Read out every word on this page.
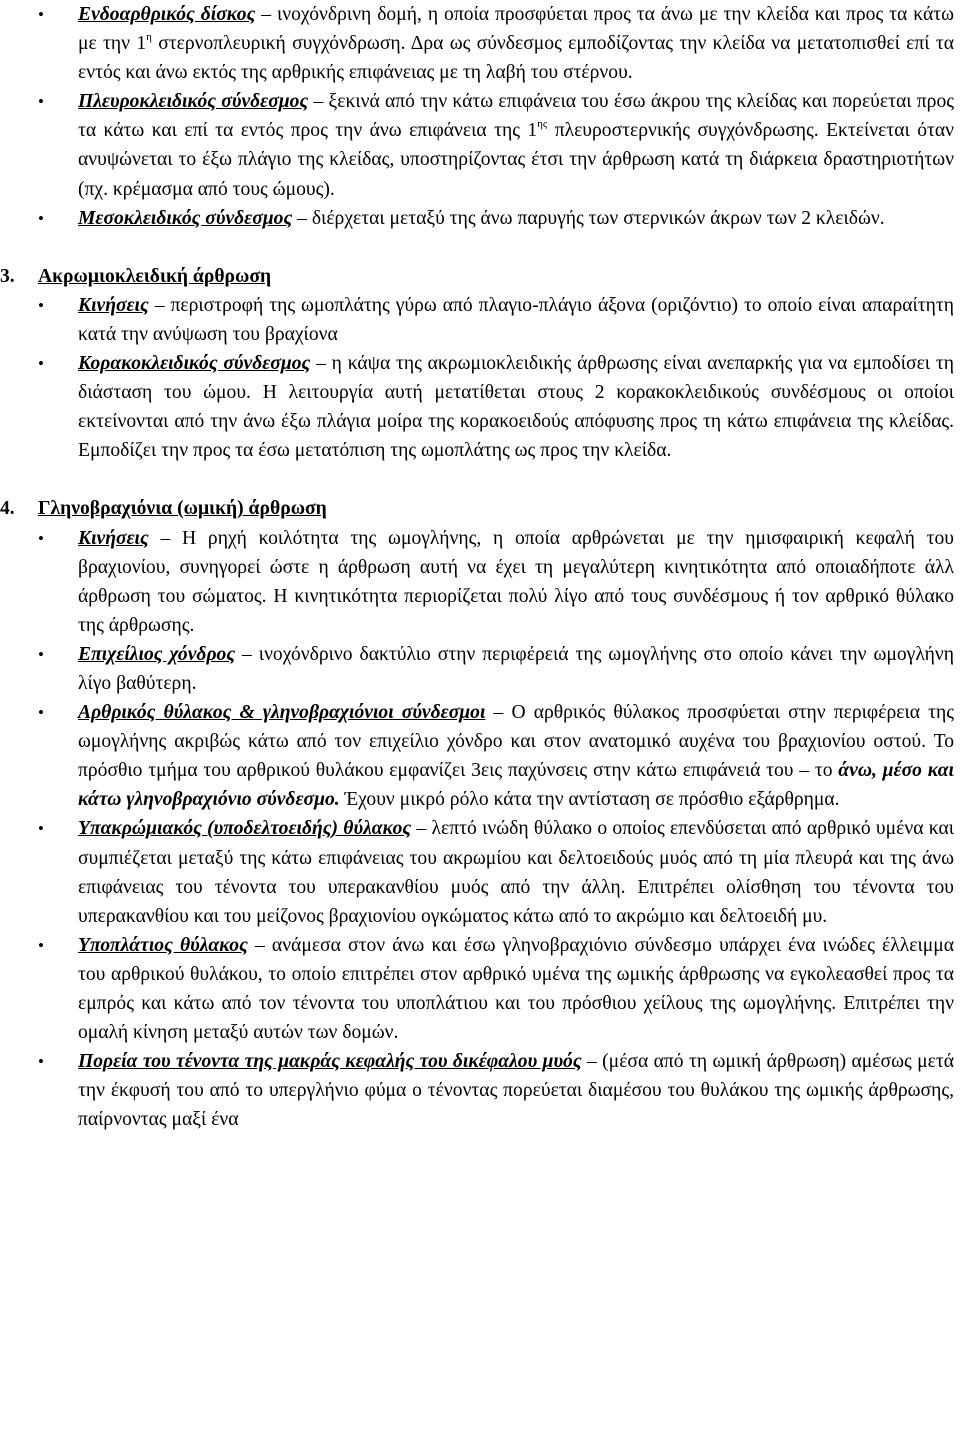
• Ενδοαρθρικός δίσκος – ινοχόνδρινη δομή, η οποία προσφύεται προς τα άνω με την κλείδα και προς τα κάτω με την $1^\eta$ στερνοπλευρική συγχόνδρωση. Δρα ως σύνδεσμος εμποδίζοντας την κλείδα να μετατοπισθεί επί τα εντός και άνω εκτός της αρθρικής επιφάνειας με τη λαβή του στέρνου.
• Πλευροκλειδικός σύνδεσμος – ξεκινά από την κάτω επιφάνεια του έσω άκρου της κλείδας και πορεύεται προς τα κάτω και επί τα εντός προς την άνω επιφάνεια της $1^{\eta\varsigma}$ πλευροστερνικής συγχόνδρωσης. Εκτείνεται όταν ανυψώνεται το έξω πλάγιο της κλείδας, υποστηρίζοντας έτσι την άρθρωση κατά τη διάρκεια δραστηριοτήτων (πχ. κρέμασμα από τους ώμους).
• Μεσοκλειδικός σύνδεσμος – διέρχεται μεταξύ της άνω παρυγής των στερνικών άκρων των 2 κλειδών.

3. Ακρωμιοκλειδική άρθρωση

• Κινήσεις – περιστροφή της ωμοπλάτης γύρω από πλαγιο-πλάγιο άξονα (οριζόντιο) το οποίο είναι απαραίτητη κατά την ανύψωση του βραχίονα
• Κορακοκλειδικός σύνδεσμος – η κάψα της ακρωμιοκλειδικής άρθρωσης είναι ανεπαρκής για να εμποδίσει τη διάσταση του ώμου. Η λειτουργία αυτή μετατίθεται στους 2 κορακοκλειδικούς συνδέσμους οι οποίοι εκτείνονται από την άνω έξω πλάγια μοίρα της κορακοειδούς απόφυσης προς τη κάτω επιφάνεια της κλείδας. Εμποδίζει την προς τα έσω μετατόπιση της ωμοπλάτης ως προς την κλείδα.

4. Γληνοβραχιόνια (ωμική) άρθρωση

• Κινήσεις – Η ρηχή κοιλότητα της ωμογλήνης, η οποία αρθρώνεται με την ημισφαιρική κεφαλή του βραχιονίου, συνηγορεί ώστε η άρθρωση αυτή να έχει τη μεγαλύτερη κινητικότητα από οποιαδήποτε άλλ άρθρωση του σώματος. Η κινητικότητα περιορίζεται πολύ λίγο από τους συνδέσμους ή τον αρθρικό θύλακο της άρθρωσης.
• Επιχείλιος χόνδρος – ινοχόνδρινο δακτύλιο στην περιφέρειά της ωμογλήνης στο οποίο κάνει την ωμογλήνη λίγο βαθύτερη.
• Αρθρικός θύλακος & γληνοβραχιόνιοι σύνδεσμοι – Ο αρθρικός θύλακος προσφύεται στην περιφέρεια της ωμογλήνης ακριβώς κάτω από τον επιχείλιο χόνδρο και στον ανατομικό αυχένα του βραχιονίου οστού. Το πρόσθιο τμήμα του αρθρικού θυλάκου εμφανίζει 3εις παχύνσεις στην κάτω επιφάνειά του – το άνω, μέσο και κάτω γληνοβραχιόνιο σύνδεσμο. Έχουν μικρό ρόλο κάτα την αντίσταση σε πρόσθιο εξάρθρημα.
• Υπακρώμιακός (υποδελτοειδής) θύλακος – λεπτό ινώδη θύλακο ο οποίος επενδύσεται από αρθρικό υμένα και συμπιέζεται μεταξύ της κάτω επιφάνειας του ακρωμίου και δελτοειδούς μυός από τη μία πλευρά και της άνω επιφάνειας του τένοντα του υπερακανθίου μυός από την άλλη. Επιτρέπει ολίσθηση του τένοντα του υπερακανθίου και του μείζονος βραχιονίου ογκώματος κάτω από το ακρώμιο και δελτοειδή μυ.
• Υποπλάτιος θύλακος – ανάμεσα στον άνω και έσω γληνοβραχιόνιο σύνδεσμο υπάρχει ένα ινώδες έλλειμμα του αρθρικού θυλάκου, το οποίο επιτρέπει στον αρθρικό υμένα της ωμικής άρθρωσης να εγκολεασθεί προς τα εμπρός και κάτω από τον τένοντα του υποπλάτιου και του πρόσθιου χείλους της ωμογλήνης. Επιτρέπει την ομαλή κίνηση μεταξύ αυτών των δομών.
• Πορεία του τένοντα της μακράς κεφαλής του δικέφαλου μυός – (μέσα από τη ωμική άρθρωση) αμέσως μετά την έκφυσή του από το υπεργλήνιο φύμα ο τένοντας πορεύεται διαμέσου του θυλάκου της ωμικής άρθρωσης, παίρνοντας μαξί ένα
